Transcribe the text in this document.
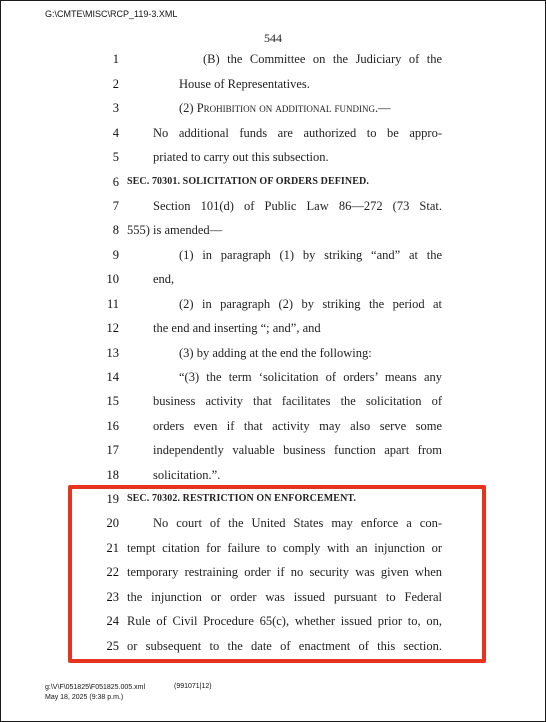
G:\CMTE\MISC\RCP_119-3.XML
544
1	(B) the Committee on the Judiciary of the
2	House of Representatives.
3	(2) Prohibition on additional funding.—
4	No additional funds are authorized to be appro-
5	priated to carry out this subsection.
6 SEC. 70301. SOLICITATION OF ORDERS DEFINED.
7	Section 101(d) of Public Law 86—272 (73 Stat.
8 555) is amended—
9	(1) in paragraph (1) by striking “and” at the
10	end,
11	(2) in paragraph (2) by striking the period at
12	the end and inserting “; and”, and
13	(3) by adding at the end the following:
14	“(3) the term ‘solicitation of orders’ means any
15	business activity that facilitates the solicitation of
16	orders even if that activity may also serve some
17	independently valuable business function apart from
18	solicitation.”.
19 SEC. 70302. RESTRICTION ON ENFORCEMENT.
20	No court of the United States may enforce a con-
21 tempt citation for failure to comply with an injunction or
22 temporary restraining order if no security was given when
23 the injunction or order was issued pursuant to Federal
24 Rule of Civil Procedure 65(c), whether issued prior to, on,
25 or subsequent to the date of enactment of this section.
g:\V\F\051825\F051825.005.xml
May 18, 2025 (9:38 p.m.)
(991071|12)
